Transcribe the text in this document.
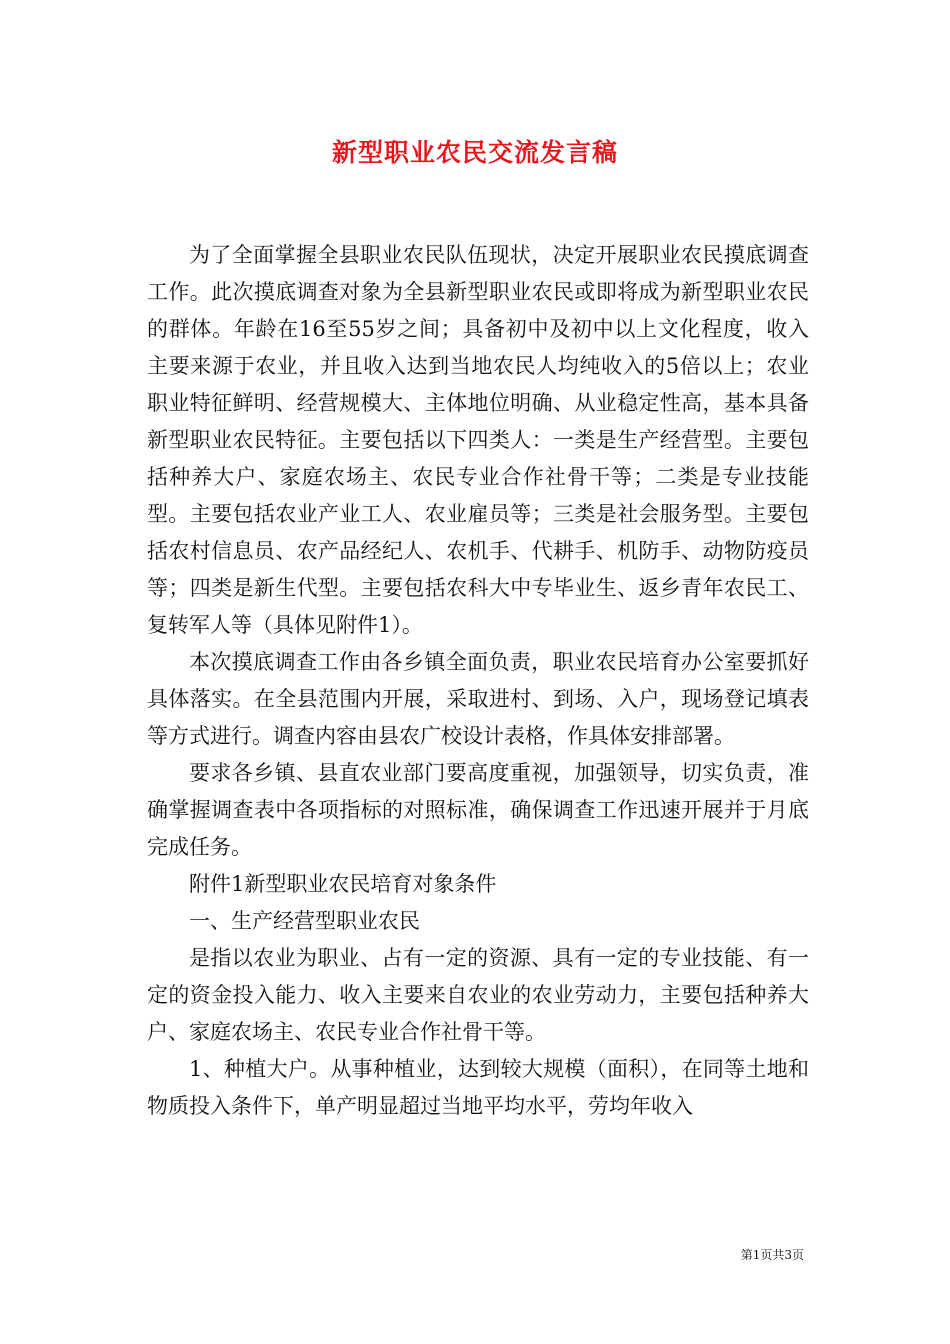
新型职业农民交流发言稿

为了全面掌握全县职业农民队伍现状，决定开展职业农民摸底调查工作。此次摸底调查对象为全县新型职业农民或即将成为新型职业农民的群体。年龄在16至55岁之间；具备初中及初中以上文化程度，收入主要来源于农业，并且收入达到当地农民人均纯收入的5倍以上；农业职业特征鲜明、经营规模大、主体地位明确、从业稳定性高，基本具备新型职业农民特征。主要包括以下四类人：一类是生产经营型。主要包括种养大户、家庭农场主、农民专业合作社骨干等；二类是专业技能型。主要包括农业产业工人、农业雇员等；三类是社会服务型。主要包括农村信息员、农产品经纪人、农机手、代耕手、机防手、动物防疫员等；四类是新生代型。主要包括农科大中专毕业生、返乡青年农民工、复转军人等（具体见附件1）。

本次摸底调查工作由各乡镇全面负责，职业农民培育办公室要抓好具体落实。在全县范围内开展，采取进村、到场、入户，现场登记填表等方式进行。调查内容由县农广校设计表格，作具体安排部署。

要求各乡镇、县直农业部门要高度重视，加强领导，切实负责，准确掌握调查表中各项指标的对照标准，确保调查工作迅速开展并于月底完成任务。

附件1新型职业农民培育对象条件

一、生产经营型职业农民

是指以农业为职业、占有一定的资源、具有一定的专业技能、有一定的资金投入能力、收入主要来自农业的农业劳动力，主要包括种养大户、家庭农场主、农民专业合作社骨干等。

1、种植大户。从事种植业，达到较大规模（面积），在同等土地和物质投入条件下，单产明显超过当地平均水平，劳均年收入

第1页共3页
